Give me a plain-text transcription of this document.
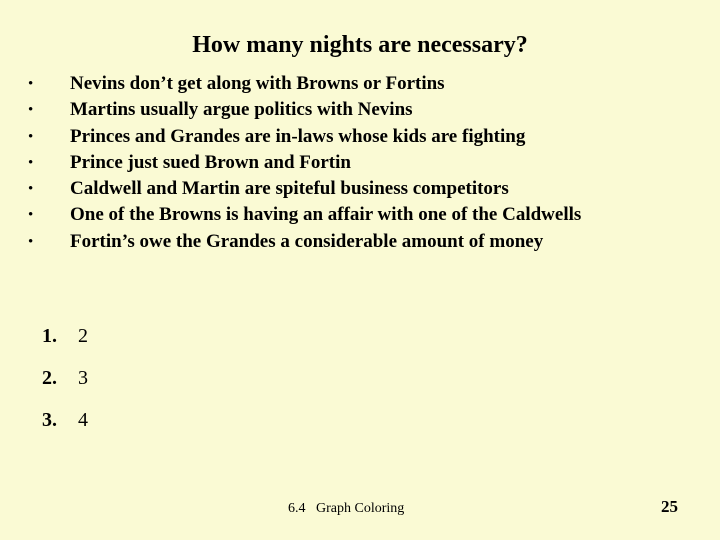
How many nights are necessary?
• Nevins don’t get along with Browns or Fortins
• Martins usually argue politics with Nevins
• Princes and Grandes are in-laws whose kids are fighting
• Prince just sued Brown and Fortin
• Caldwell and Martin are spiteful business competitors
• One of the Browns is having an affair with one of the Caldwells
• Fortin’s owe the Grandes a considerable amount of money
1. 2
2. 3
3. 4
6.4   Graph Coloring	25
